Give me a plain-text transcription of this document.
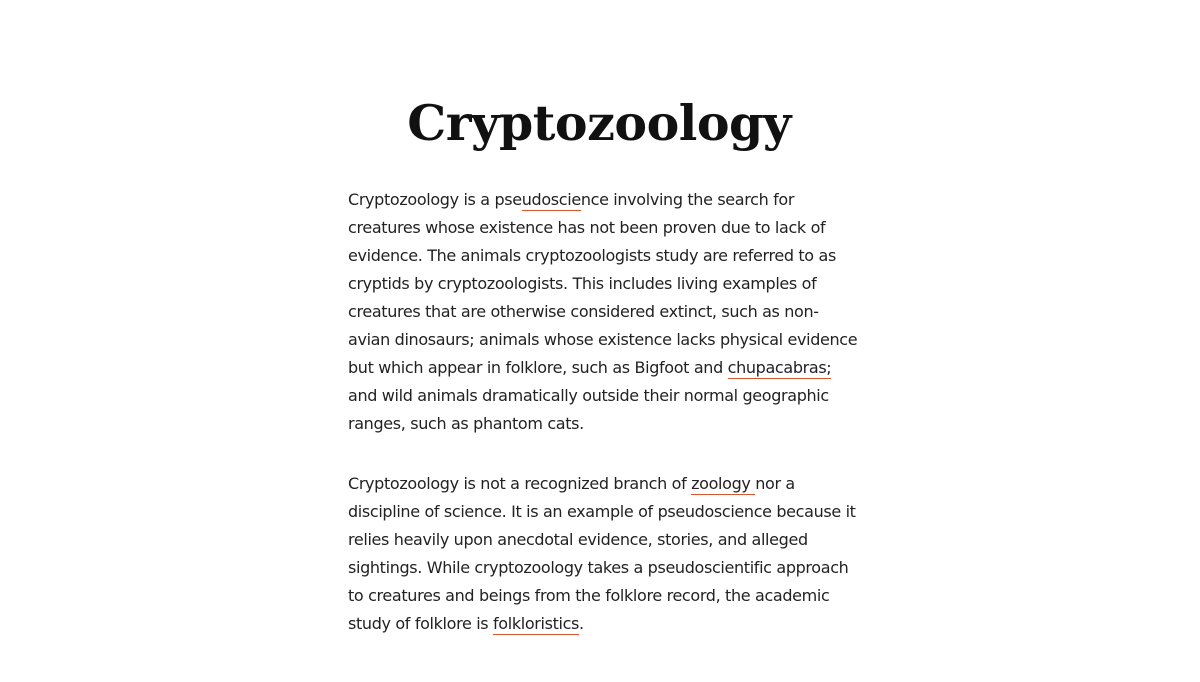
Cryptozoology

Cryptozoology is a pseudoscience involving the search for creatures whose existence has not been proven due to lack of evidence. The animals cryptozoologists study are referred to as cryptids by cryptozoologists. This includes living examples of creatures that are otherwise considered extinct, such as non-avian dinosaurs; animals whose existence lacks physical evidence but which appear in folklore, such as Bigfoot and chupacabras; and wild animals dramatically outside their normal geographic ranges, such as phantom cats.

Cryptozoology is not a recognized branch of zoology nor a discipline of science. It is an example of pseudoscience because it relies heavily upon anecdotal evidence, stories, and alleged sightings. While cryptozoology takes a pseudoscientific approach to creatures and beings from the folklore record, the academic study of folklore is folkloristics.
